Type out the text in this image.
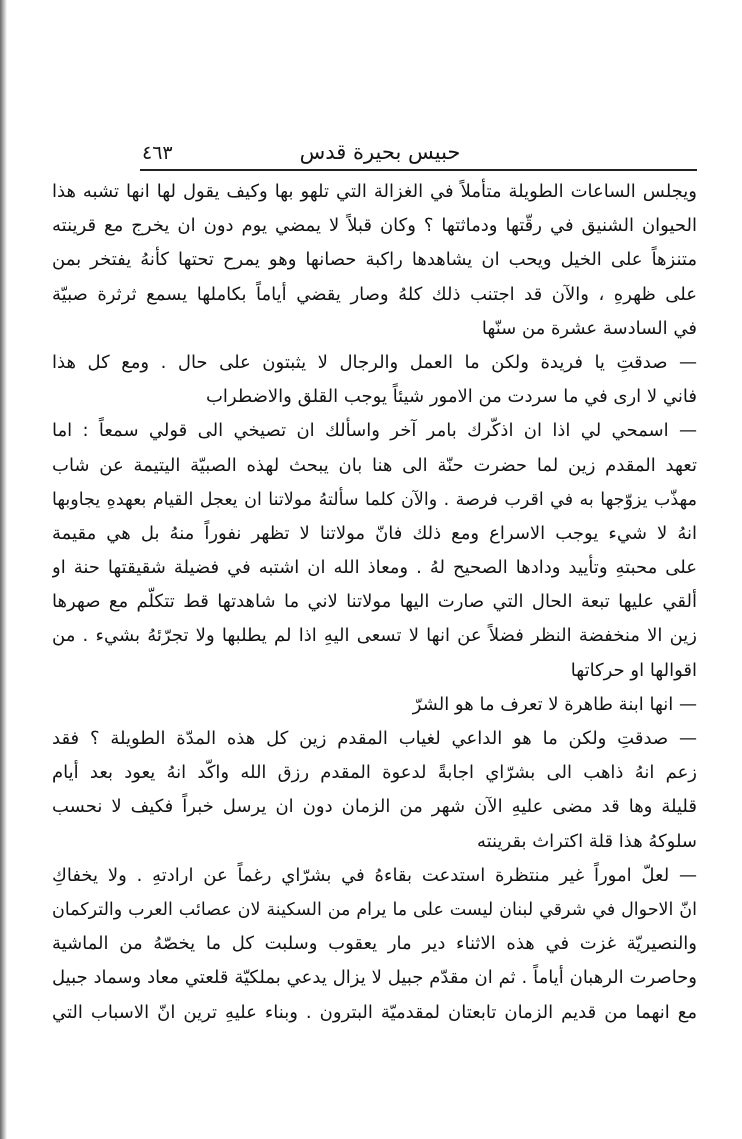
٤٦٣	حبيس بحيرة قدس
ويجلس الساعات الطويلة متأملاً في الغزالة التي تلهو بها وكيف يقول لها انها تشبه هذا
الحيوان الشنيق في رقّتها ودماثتها ؟ وكان قبلاً لا يمضي يوم دون ان يخرج مع قرينته
متنزهاً على الخيل ويحب ان يشاهدها راكبة حصانها وهو يمرح تحتها كأنهُ يفتخر بمن
على ظهرهِ ، والآن قد اجتنب ذلك كلهُ وصار يقضي أياماً بكاملها يسمع ثرثرة صبيّة
في السادسة عشرة من سنّها
— صدقتِ يا فريدة ولكن ما العمل والرجال لا يثبتون على حال . ومع كل هذا
فاني لا ارى في ما سردت من الامور شيئاً يوجب القلق والاضطراب
— اسمحي لي اذا ان اذكّرك بامر آخر واسألك ان تصيخي الى قولي سمعاً : اما
تعهد المقدم زين لما حضرت حنّة الى هنا بان يبحث لهذه الصبيّة اليتيمة عن شاب
مهذّب يزوّجها به في اقرب فرصة . والآن كلما سألتهُ مولاتنا ان يعجل القيام بعهدهِ يجاوبها
انهُ لا شيء يوجب الاسراع ومع ذلك فانّ مولاتنا لا تظهر نفوراً منهُ بل هي مقيمة
على محبتهِ وتأييد ودادها الصحيح لهُ . ومعاذ الله ان اشتبه في فضيلة شقيقتها حنة او
ألقي عليها تبعة الحال التي صارت اليها مولاتنا لاني ما شاهدتها قط تتكلّم مع صهرها
زين الا منخفضة النظر فضلاً عن انها لا تسعى اليهِ اذا لم يطلبها ولا تجرّئهُ بشيء . من
اقوالها او حركاتها
— انها ابنة طاهرة لا تعرف ما هو الشرّ
— صدقتِ ولكن ما هو الداعي لغياب المقدم زين كل هذه المدّة الطويلة ؟ فقد
زعم انهُ ذاهب الى بشرّاي اجابةً لدعوة المقدم رزق الله واكّد انهُ يعود بعد أيام
قليلة وها قد مضى عليهِ الآن شهر من الزمان دون ان يرسل خبراً فكيف لا نحسب
سلوكهُ هذا قلة اكتراث بقرينته
— لعلّ اموراً غير منتظرة استدعت بقاءهُ في بشرّاي رغماً عن ارادتهِ . ولا يخفاكِ
انّ الاحوال في شرقي لبنان ليست على ما يرام من السكينة لان عصائب العرب والتركمان
والنصيريّة غزت في هذه الاثناء دير مار يعقوب وسلبت كل ما يخصّهُ من الماشية
وحاصرت الرهبان أياماً . ثم ان مقدّم جبيل لا يزال يدعي بملكيّة قلعتي معاد وسماد جبيل
مع انهما من قديم الزمان تابعتان لمقدميّة البترون . وبناء عليهِ ترين انّ الاسباب التي
